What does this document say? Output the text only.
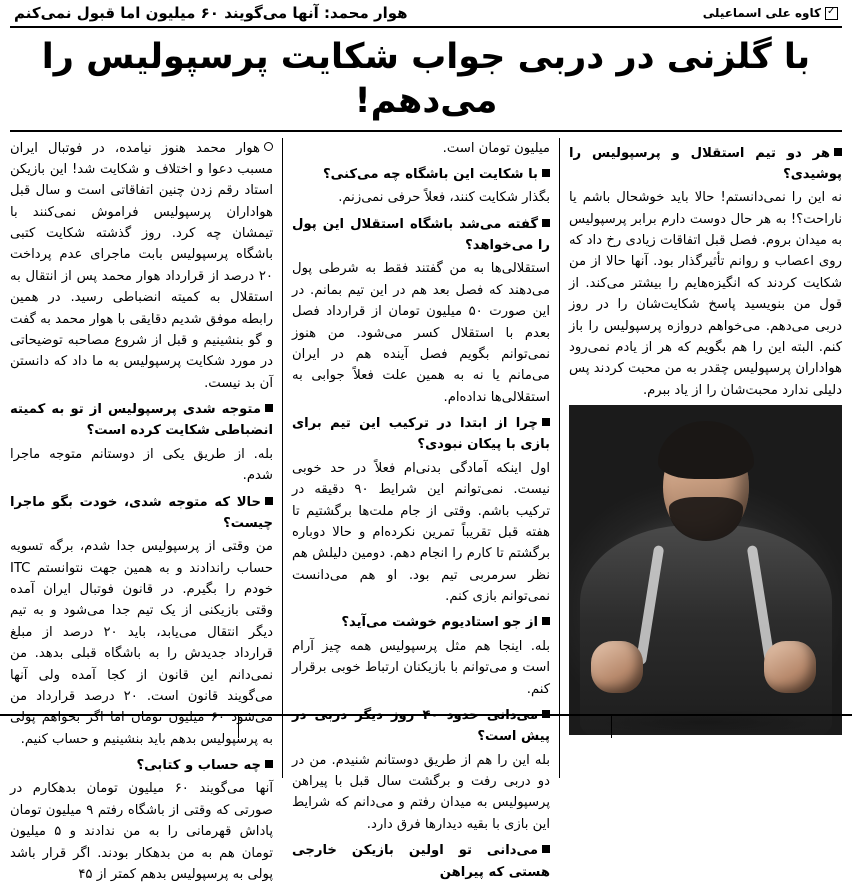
✓
کاوه علی اسماعیلی
هوار محمد: آنها می‌گویند ۶۰ میلیون اما قبول نمی‌کنم
با گلزنی در دربی جواب شکایت پرسپولیس را می‌دهم!

هر دو تیم استقلال و پرسپولیس را پوشیدی؟

نه این را نمی‌دانستم! حالا باید خوشحال باشم یا ناراحت؟! به هر حال دوست دارم برابر پرسپولیس به میدان بروم. فصل قبل اتفاقات زیادی رخ داد که روی اعصاب و روانم تأثیرگذار بود. آنها حالا از من شکایت کردند که انگیزه‌هایم را بیشتر می‌کند. از قول من بنویسید پاسخ شکایت‌شان را در روز دربی می‌دهم. می‌خواهم دروازه پرسپولیس را باز کنم. البته این را هم بگویم که هر از یادم نمی‌رود هواداران پرسپولیس چقدر به من محبت کردند پس دلیلی ندارد محبت‌شان را از یاد ببرم.

میلیون تومان است.

با شکایت این باشگاه چه می‌کنی؟

بگذار شکایت کنند، فعلاً حرفی نمی‌زنم.

گفته می‌شد باشگاه استقلال این پول را می‌خواهد؟

استقلالی‌ها به من گفتند فقط به شرطی پول می‌دهند که فصل بعد هم در این تیم بمانم. در این صورت ۵۰ میلیون تومان از قرارداد فصل بعدم با استقلال کسر می‌شود. من هنوز نمی‌توانم بگویم فصل آینده هم در ایران می‌مانم یا نه به همین علت فعلاً جوابی به استقلالی‌ها نداده‌ام.

چرا از ابتدا در ترکیب این تیم برای بازی با پیکان نبودی؟

اول اینکه آمادگی بدنی‌ام فعلاً در حد خوبی نیست. نمی‌توانم این شرایط ۹۰ دقیقه در ترکیب باشم. وقتی از جام ملت‌ها برگشتیم تا هفته قبل تقریباً تمرین نکرده‌ام و حالا دوباره برگشتم تا کارم را انجام دهم. دومین دلیلش هم نظر سرمربی تیم بود. او هم می‌دانست نمی‌توانم بازی کنم.

از جو استادیوم خوشت می‌آید؟

بله. اینجا هم مثل پرسپولیس همه چیز آرام است و می‌توانم با بازیکنان ارتباط خوبی برقرار کنم.

می‌دانی حدود ۴۰ روز دیگر دربی در پیش است؟

بله این را هم از طریق دوستانم شنیدم. من در دو دربی رفت و برگشت سال قبل با پیراهن پرسپولیس به میدان رفتم و می‌دانم که شرایط این بازی با بقیه دیدارها فرق دارد.

می‌دانی تو اولین بازیکن خارجی هستی که پیراهن

هوار محمد هنوز نیامده، در فوتبال ایران مسبب دعوا و اختلاف و شکایت شد! این بازیکن استاد رقم زدن چنین اتفاقاتی است و سال قبل هواداران پرسپولیس فراموش نمی‌کنند با تیمشان چه کرد. روز گذشته شکایت کتبی باشگاه پرسپولیس بابت ماجرای عدم پرداخت ۲۰ درصد از قرارداد هوار محمد پس از انتقال به استقلال به کمیته انضباطی رسید. در همین رابطه موفق شدیم دقایقی با هوار محمد به گفت و گو بنشینیم و قبل از شروع مصاحبه توضیحاتی در مورد شکایت پرسپولیس به ما داد که دانستن آن بد نیست.

متوجه شدی پرسپولیس از تو به کمیته انضباطی شکایت کرده است؟

بله. از طریق یکی از دوستانم متوجه ماجرا شدم.

حالا که متوجه شدی، خودت بگو ماجرا چیست؟

من وقتی از پرسپولیس جدا شدم، برگه تسویه حساب راندادند و به همین جهت نتوانستم ITC خودم را بگیرم. در قانون فوتبال ایران آمده وقتی بازیکنی از یک تیم جدا می‌شود و به تیم دیگر انتقال می‌یابد، باید ۲۰ درصد از مبلغ قرارداد جدیدش را به باشگاه قبلی بدهد. من نمی‌دانم این قانون از کجا آمده ولی آنها می‌گویند قانون است. ۲۰ درصد قرارداد من می‌شود ۶۰ میلیون تومان اما اگر بخواهم پولی به پرسپولیس بدهم باید بنشینیم و حساب کنیم.

چه حساب و کتابی؟

آنها می‌گویند ۶۰ میلیون تومان بدهکارم در صورتی که وقتی از باشگاه رفتم ۹ میلیون تومان پاداش قهرمانی را به من ندادند و ۵ میلیون تومان هم به من بدهکار بودند. اگر قرار باشد پولی به پرسپولیس بدهم کمتر از ۴۵
